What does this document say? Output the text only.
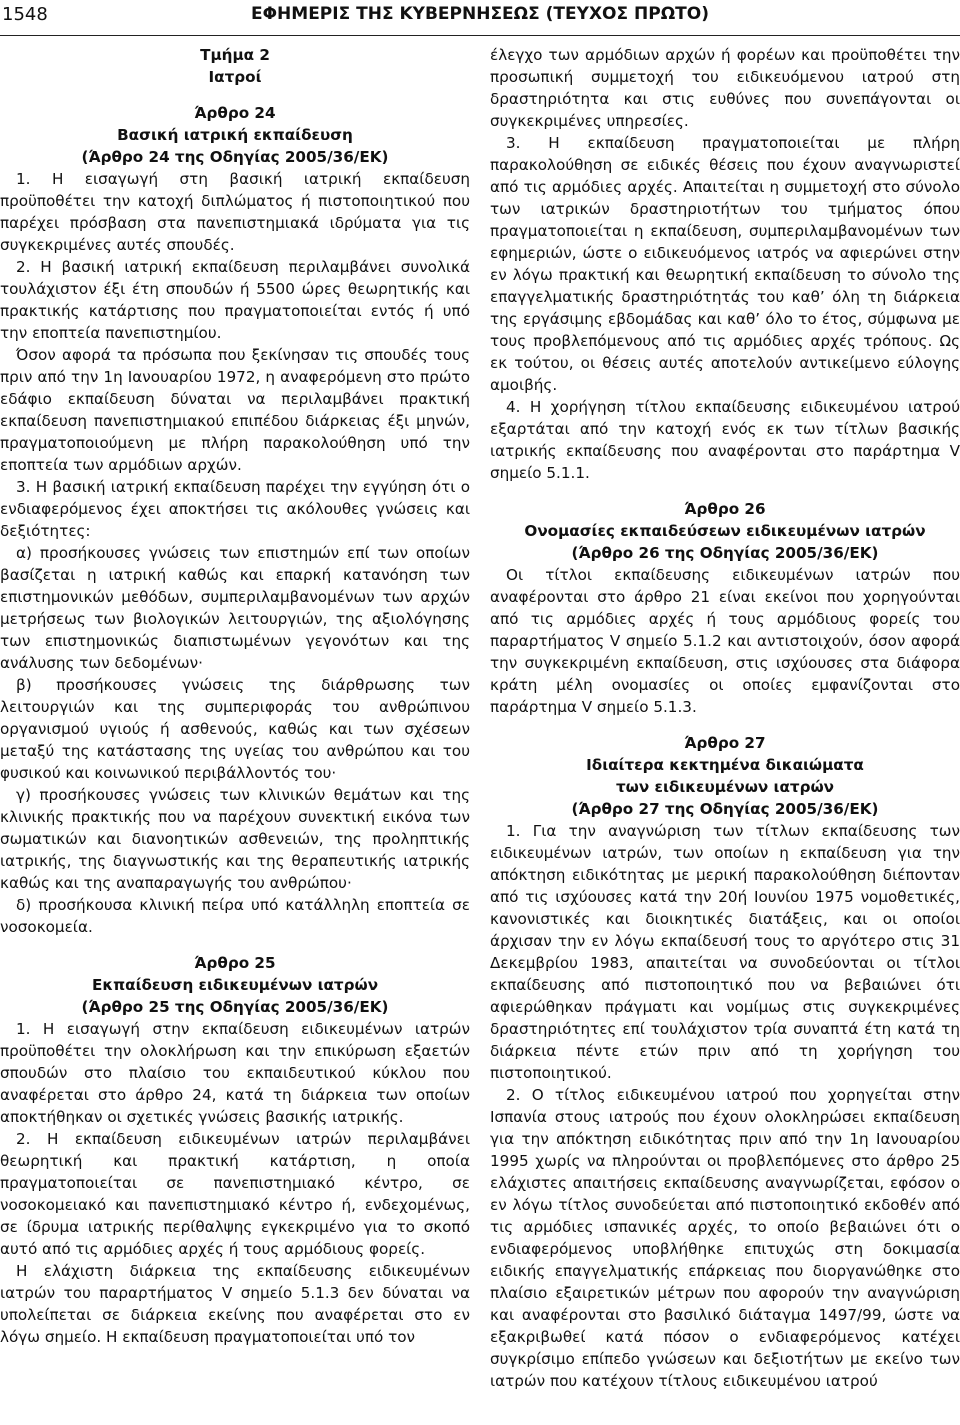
1548	ΕΦΗΜΕΡΙΣ ΤΗΣ ΚΥΒΕΡΝΗΣΕΩΣ (ΤΕΥΧΟΣ ΠΡΩΤΟ)
Τμήμα 2
Ιατροί
Άρθρο 24
Βασική ιατρική εκπαίδευση
(Άρθρο 24 της Οδηγίας 2005/36/ΕΚ)

1. Η εισαγωγή στη βασική ιατρική εκπαίδευση προϋποθέτει την κατοχή διπλώματος ή πιστοποιητικού που παρέχει πρόσβαση στα πανεπιστημιακά ιδρύματα για τις συγκεκριμένες αυτές σπουδές.

2. Η βασική ιατρική εκπαίδευση περιλαμβάνει συνολικά τουλάχιστον έξι έτη σπουδών ή 5500 ώρες θεωρητικής και πρακτικής κατάρτισης που πραγματοποιείται εντός ή υπό την εποπτεία πανεπιστημίου.

Όσον αφορά τα πρόσωπα που ξεκίνησαν τις σπουδές τους πριν από την 1η Ιανουαρίου 1972, η αναφερόμενη στο πρώτο εδάφιο εκπαίδευση δύναται να περιλαμβάνει πρακτική εκπαίδευση πανεπιστημιακού επιπέδου διάρκειας έξι μηνών, πραγματοποιούμενη με πλήρη παρακολούθηση υπό την εποπτεία των αρμόδιων αρχών.

3. Η βασική ιατρική εκπαίδευση παρέχει την εγγύηση ότι ο ενδιαφερόμενος έχει αποκτήσει τις ακόλουθες γνώσεις και δεξιότητες:

α) προσήκουσες γνώσεις των επιστημών επί των οποίων βασίζεται η ιατρική καθώς και επαρκή κατανόηση των επιστημονικών μεθόδων, συμπεριλαμβανομένων των αρχών μετρήσεως των βιολογικών λειτουργιών, της αξιολόγησης των επιστημονικώς διαπιστωμένων γεγονότων και της ανάλυσης των δεδομένων·

β) προσήκουσες γνώσεις της διάρθρωσης των λειτουργιών και της συμπεριφοράς του ανθρώπινου οργανισμού υγιούς ή ασθενούς, καθώς και των σχέσεων μεταξύ της κατάστασης της υγείας του ανθρώπου και του φυσικού και κοινωνικού περιβάλλοντός του·

γ) προσήκουσες γνώσεις των κλινικών θεμάτων και της κλινικής πρακτικής που να παρέχουν συνεκτική εικόνα των σωματικών και διανοητικών ασθενειών, της προληπτικής ιατρικής, της διαγνωστικής και της θεραπευτικής ιατρικής καθώς και της αναπαραγωγής του ανθρώπου·

δ) προσήκουσα κλινική πείρα υπό κατάλληλη εποπτεία σε νοσοκομεία.

Άρθρο 25
Εκπαίδευση ειδικευμένων ιατρών
(Άρθρο 25 της Οδηγίας 2005/36/ΕΚ)

1. Η εισαγωγή στην εκπαίδευση ειδικευμένων ιατρών προϋποθέτει την ολοκλήρωση και την επικύρωση εξαετών σπουδών στο πλαίσιο του εκπαιδευτικού κύκλου που αναφέρεται στο άρθρο 24, κατά τη διάρκεια των οποίων αποκτήθηκαν οι σχετικές γνώσεις βασικής ιατρικής.

2. Η εκπαίδευση ειδικευμένων ιατρών περιλαμβάνει θεωρητική και πρακτική κατάρτιση, η οποία πραγματοποιείται σε πανεπιστημιακό κέντρο, σε νοσοκομειακό και πανεπιστημιακό κέντρο ή, ενδεχομένως, σε ίδρυμα ιατρικής περίθαλψης εγκεκριμένο για το σκοπό αυτό από τις αρμόδιες αρχές ή τους αρμόδιους φορείς.

Η ελάχιστη διάρκεια της εκπαίδευσης ειδικευμένων ιατρών του παραρτήματος V σημείο 5.1.3 δεν δύναται να υπολείπεται σε διάρκεια εκείνης που αναφέρεται στο εν λόγω σημείο. Η εκπαίδευση πραγματοποιείται υπό τον

έλεγχο των αρμόδιων αρχών ή φορέων και προϋποθέτει την προσωπική συμμετοχή του ειδικευόμενου ιατρού στη δραστηριότητα και στις ευθύνες που συνεπάγονται οι συγκεκριμένες υπηρεσίες.

3. Η εκπαίδευση πραγματοποιείται με πλήρη παρακολούθηση σε ειδικές θέσεις που έχουν αναγνωριστεί από τις αρμόδιες αρχές. Απαιτείται η συμμετοχή στο σύνολο των ιατρικών δραστηριοτήτων του τμήματος όπου πραγματοποιείται η εκπαίδευση, συμπεριλαμβανομένων των εφημεριών, ώστε ο ειδικευόμενος ιατρός να αφιερώνει στην εν λόγω πρακτική και θεωρητική εκπαίδευση το σύνολο της επαγγελματικής δραστηριότητάς του καθ’ όλη τη διάρκεια της εργάσιμης εβδομάδας και καθ’ όλο το έτος, σύμφωνα με τους προβλεπόμενους από τις αρμόδιες αρχές τρόπους. Ως εκ τούτου, οι θέσεις αυτές αποτελούν αντικείμενο εύλογης αμοιβής.

4. Η χορήγηση τίτλου εκπαίδευσης ειδικευμένου ιατρού εξαρτάται από την κατοχή ενός εκ των τίτλων βασικής ιατρικής εκπαίδευσης που αναφέρονται στο παράρτημα V σημείο 5.1.1.

Άρθρο 26
Ονομασίες εκπαιδεύσεων ειδικευμένων ιατρών
(Άρθρο 26 της Οδηγίας 2005/36/ΕΚ)

Οι τίτλοι εκπαίδευσης ειδικευμένων ιατρών που αναφέρονται στο άρθρο 21 είναι εκείνοι που χορηγούνται από τις αρμόδιες αρχές ή τους αρμόδιους φορείς του παραρτήματος V σημείο 5.1.2 και αντιστοιχούν, όσον αφορά την συγκεκριμένη εκπαίδευση, στις ισχύουσες στα διάφορα κράτη μέλη ονομασίες οι οποίες εμφανίζονται στο παράρτημα V σημείο 5.1.3.

Άρθρο 27
Ιδιαίτερα κεκτημένα δικαιώματα
των ειδικευμένων ιατρών
(Άρθρο 27 της Οδηγίας 2005/36/ΕΚ)

1. Για την αναγνώριση των τίτλων εκπαίδευσης των ειδικευμένων ιατρών, των οποίων η εκπαίδευση για την απόκτηση ειδικότητας με μερική παρακολούθηση διέπονταν από τις ισχύουσες κατά την 20ή Ιουνίου 1975 νομοθετικές, κανονιστικές και διοικητικές διατάξεις, και οι οποίοι άρχισαν την εν λόγω εκπαίδευσή τους το αργότερο στις 31 Δεκεμβρίου 1983, απαιτείται να συνοδεύονται οι τίτλοι εκπαίδευσης από πιστοποιητικό που να βεβαιώνει ότι αφιερώθηκαν πράγματι και νομίμως στις συγκεκριμένες δραστηριότητες επί τουλάχιστον τρία συναπτά έτη κατά τη διάρκεια πέντε ετών πριν από τη χορήγηση του πιστοποιητικού.

2. Ο τίτλος ειδικευμένου ιατρού που χορηγείται στην Ισπανία στους ιατρούς που έχουν ολοκληρώσει εκπαίδευση για την απόκτηση ειδικότητας πριν από την 1η Ιανουαρίου 1995 χωρίς να πληρούνται οι προβλεπόμενες στο άρθρο 25 ελάχιστες απαιτήσεις εκπαίδευσης αναγνωρίζεται, εφόσον ο εν λόγω τίτλος συνοδεύεται από πιστοποιητικό εκδοθέν από τις αρμόδιες ισπανικές αρχές, το οποίο βεβαιώνει ότι ο ενδιαφερόμενος υποβλήθηκε επιτυχώς στη δοκιμασία ειδικής επαγγελματικής επάρκειας που διοργανώθηκε στο πλαίσιο εξαιρετικών μέτρων που αφορούν την αναγνώριση και αναφέρονται στο βασιλικό διάταγμα 1497/99, ώστε να εξακριβωθεί κατά πόσον ο ενδιαφερόμενος κατέχει συγκρίσιμο επίπεδο γνώσεων και δεξιοτήτων με εκείνο των ιατρών που κατέχουν τίτλους ειδικευμένου ιατρού
